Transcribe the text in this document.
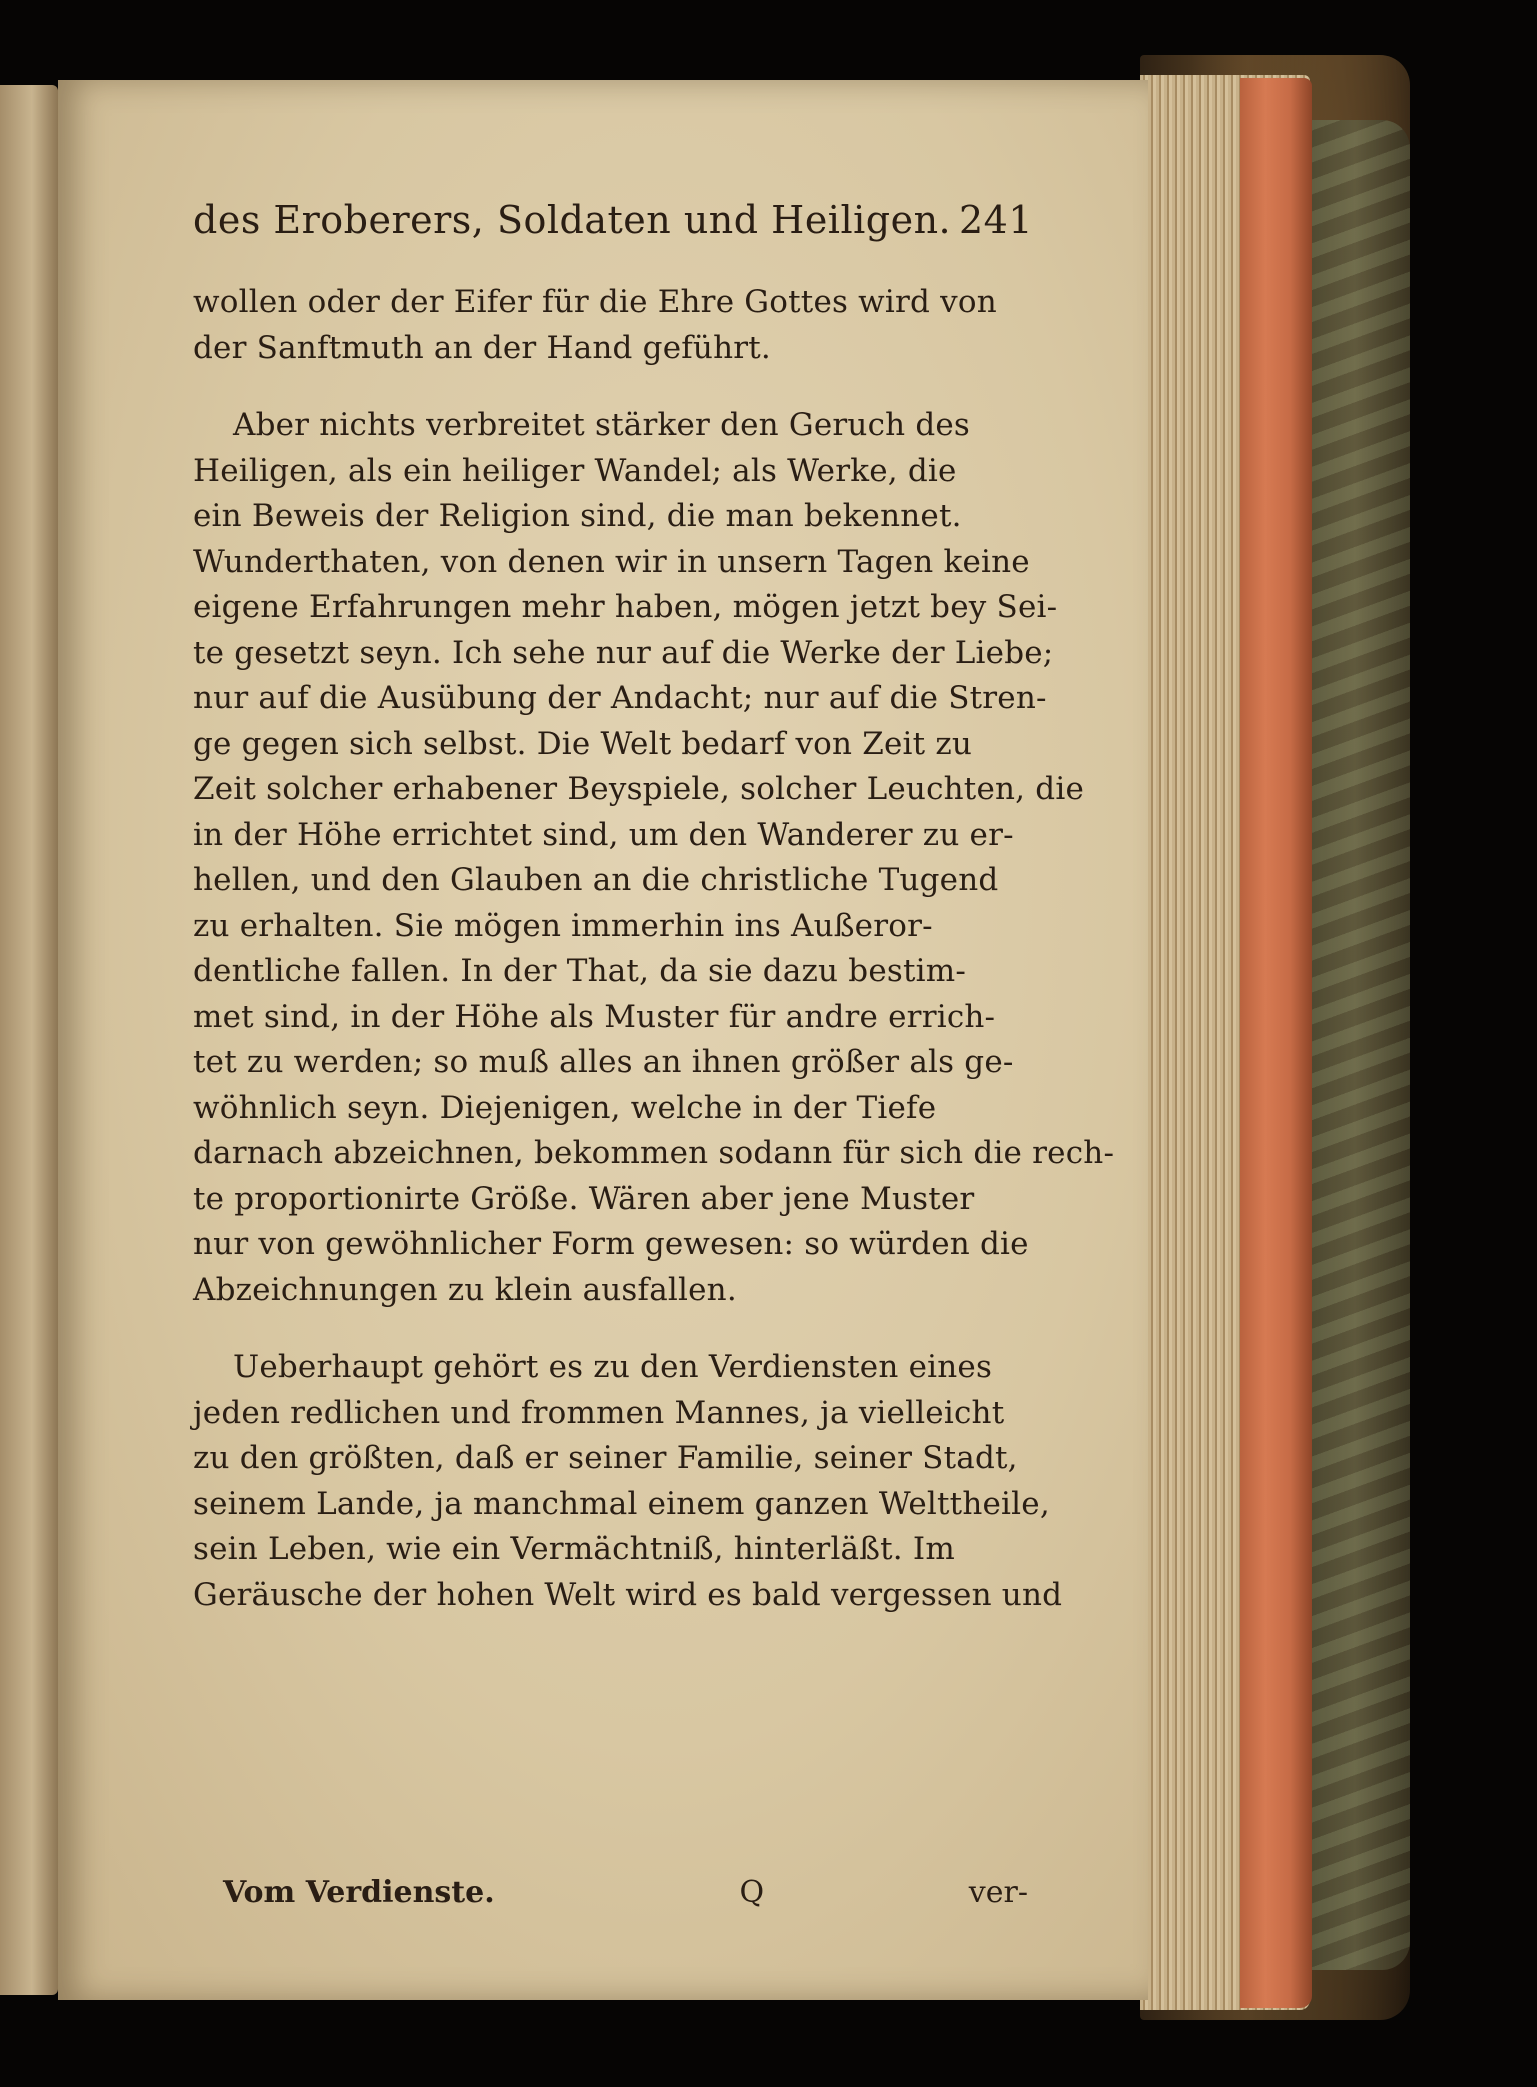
des Eroberers, Soldaten und Heiligen. 241
wollen oder der Eifer für die Ehre Gottes wird von
der Sanftmuth an der Hand geführt.
Aber nichts verbreitet stärker den Geruch des
Heiligen, als ein heiliger Wandel; als Werke, die
ein Beweis der Religion sind, die man bekennet.
Wunderthaten, von denen wir in unsern Tagen keine
eigene Erfahrungen mehr haben, mögen jetzt bey Sei-
te gesetzt seyn. Ich sehe nur auf die Werke der Liebe;
nur auf die Ausübung der Andacht; nur auf die Stren-
ge gegen sich selbst. Die Welt bedarf von Zeit zu
Zeit solcher erhabener Beyspiele, solcher Leuchten, die
in der Höhe errichtet sind, um den Wanderer zu er-
hellen, und den Glauben an die christliche Tugend
zu erhalten. Sie mögen immerhin ins Außeror-
dentliche fallen. In der That, da sie dazu bestim-
met sind, in der Höhe als Muster für andre errich-
tet zu werden; so muß alles an ihnen größer als ge-
wöhnlich seyn. Diejenigen, welche in der Tiefe
darnach abzeichnen, bekommen sodann für sich die rech-
te proportionirte Größe. Wären aber jene Muster
nur von gewöhnlicher Form gewesen: so würden die
Abzeichnungen zu klein ausfallen.
Ueberhaupt gehört es zu den Verdiensten eines
jeden redlichen und frommen Mannes, ja vielleicht
zu den größten, daß er seiner Familie, seiner Stadt,
seinem Lande, ja manchmal einem ganzen Welttheile,
sein Leben, wie ein Vermächtniß, hinterläßt. Im
Geräusche der hohen Welt wird es bald vergessen und
Vom Verdienste.	Q	ver-
